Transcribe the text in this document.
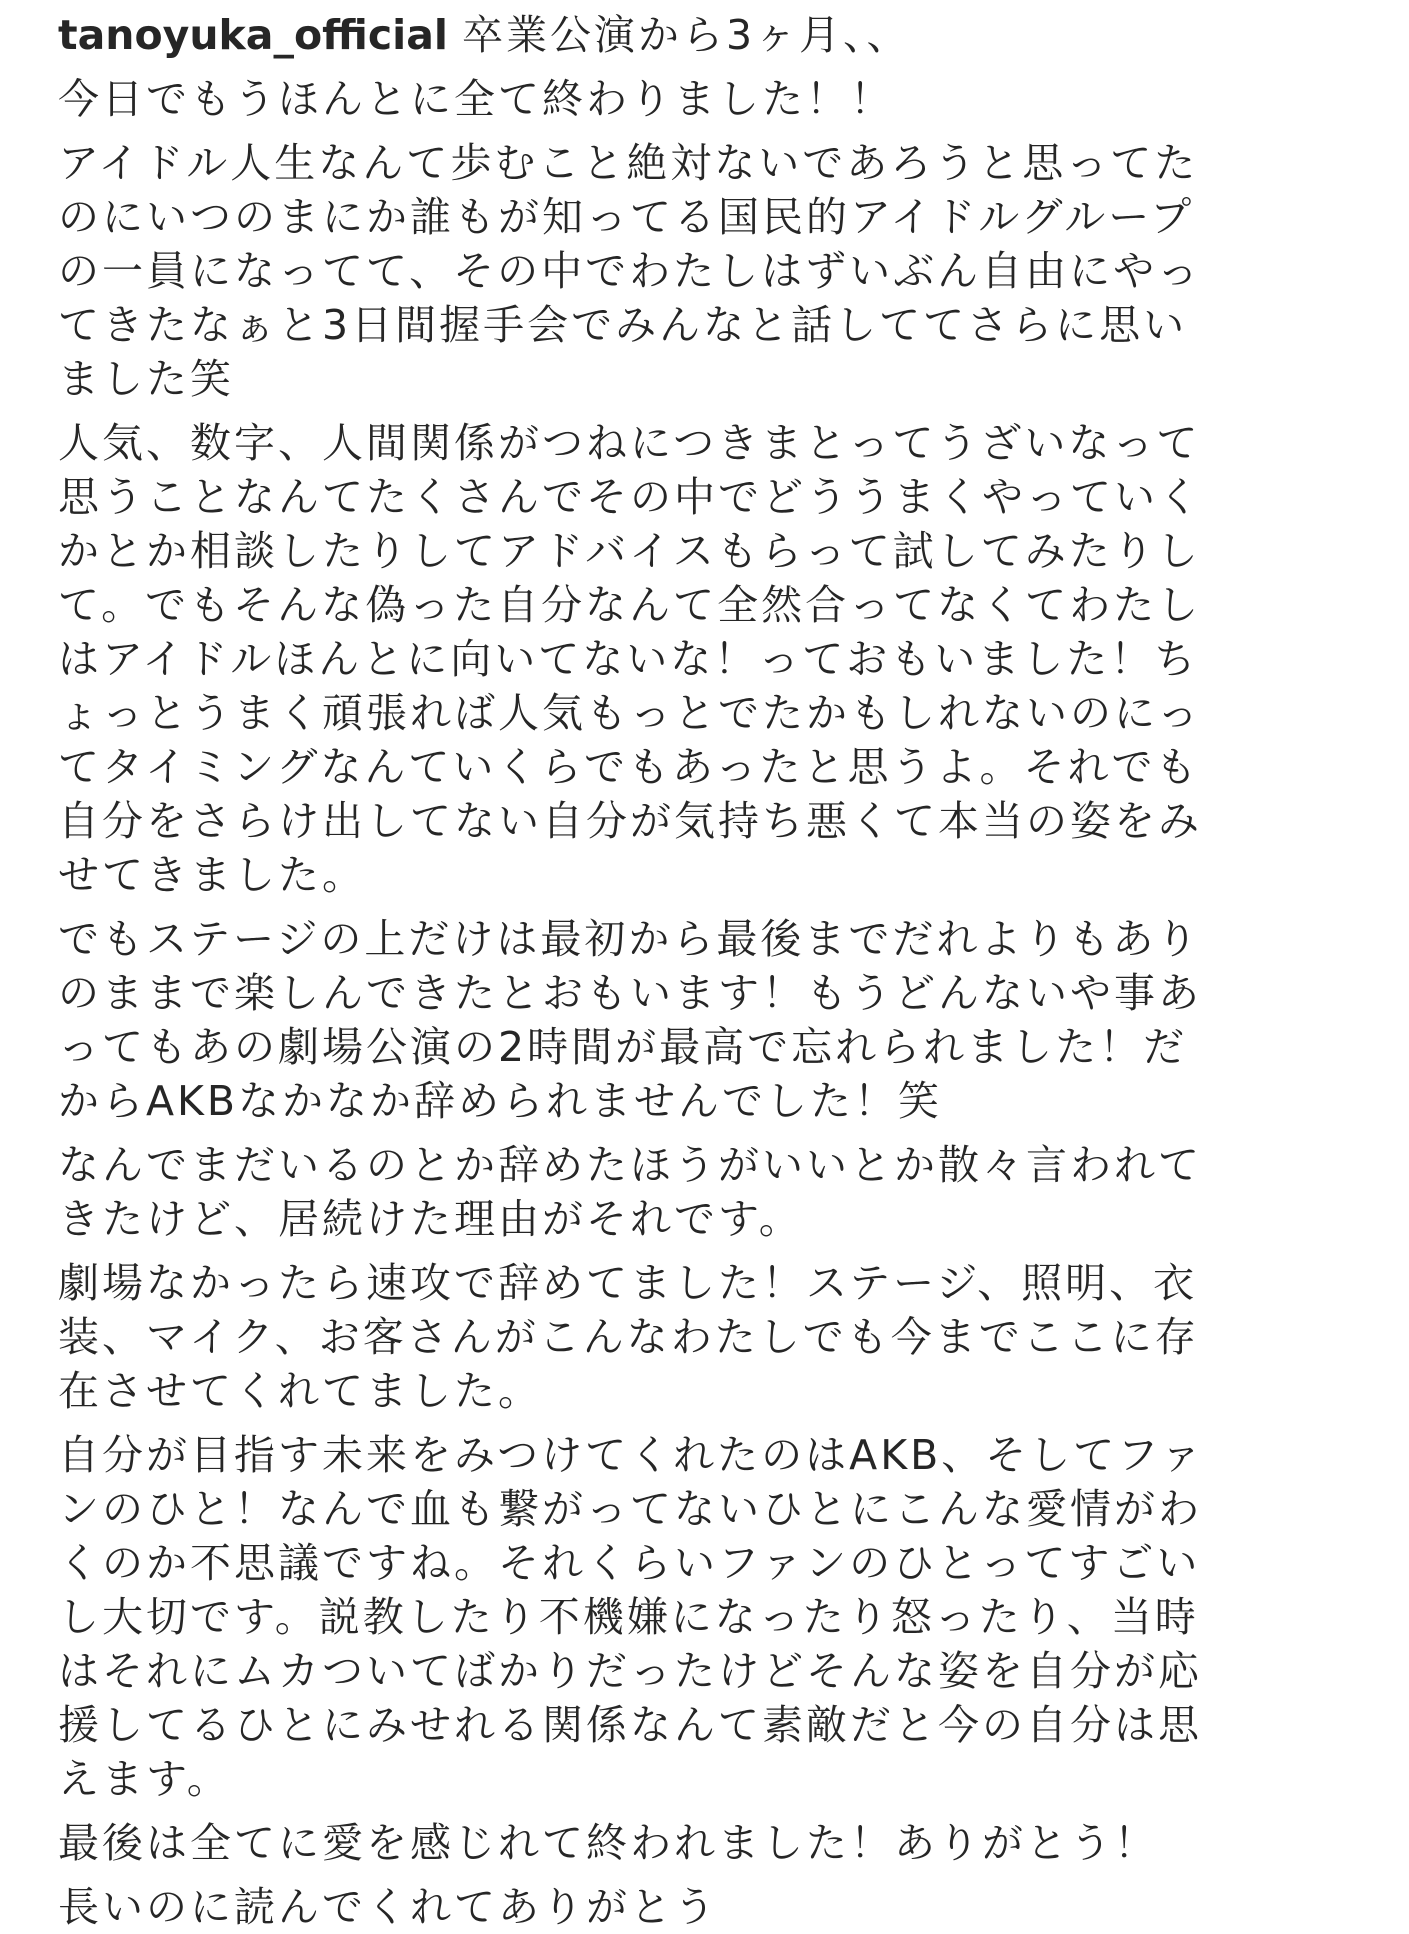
tanoyuka_official 卒業公演から3ヶ月、、
今日でもうほんとに全て終わりました！！
アイドル人生なんて歩むこと絶対ないであろうと思ってた
のにいつのまにか誰もが知ってる国民的アイドルグループ
の一員になってて、その中でわたしはずいぶん自由にやっ
てきたなぁと3日間握手会でみんなと話しててさらに思い
ました笑
人気、数字、人間関係がつねにつきまとってうざいなって
思うことなんてたくさんでその中でどううまくやっていく
かとか相談したりしてアドバイスもらって試してみたりし
て。でもそんな偽った自分なんて全然合ってなくてわたし
はアイドルほんとに向いてないな！っておもいました！ち
ょっとうまく頑張れば人気もっとでたかもしれないのにっ
てタイミングなんていくらでもあったと思うよ。それでも
自分をさらけ出してない自分が気持ち悪くて本当の姿をみ
せてきました。
でもステージの上だけは最初から最後までだれよりもあり
のままで楽しんできたとおもいます！もうどんないや事あ
ってもあの劇場公演の2時間が最高で忘れられました！だ
からAKBなかなか辞められませんでした！笑
なんでまだいるのとか辞めたほうがいいとか散々言われて
きたけど、居続けた理由がそれです。
劇場なかったら速攻で辞めてました！ステージ、照明、衣
装、マイク、お客さんがこんなわたしでも今までここに存
在させてくれてました。
自分が目指す未来をみつけてくれたのはAKB、そしてファ
ンのひと！なんで血も繋がってないひとにこんな愛情がわ
くのか不思議ですね。それくらいファンのひとってすごい
し大切です。説教したり不機嫌になったり怒ったり、当時
はそれにムカついてばかりだったけどそんな姿を自分が応
援してるひとにみせれる関係なんて素敵だと今の自分は思
えます。
最後は全てに愛を感じれて終われました！ありがとう！
長いのに読んでくれてありがとう
